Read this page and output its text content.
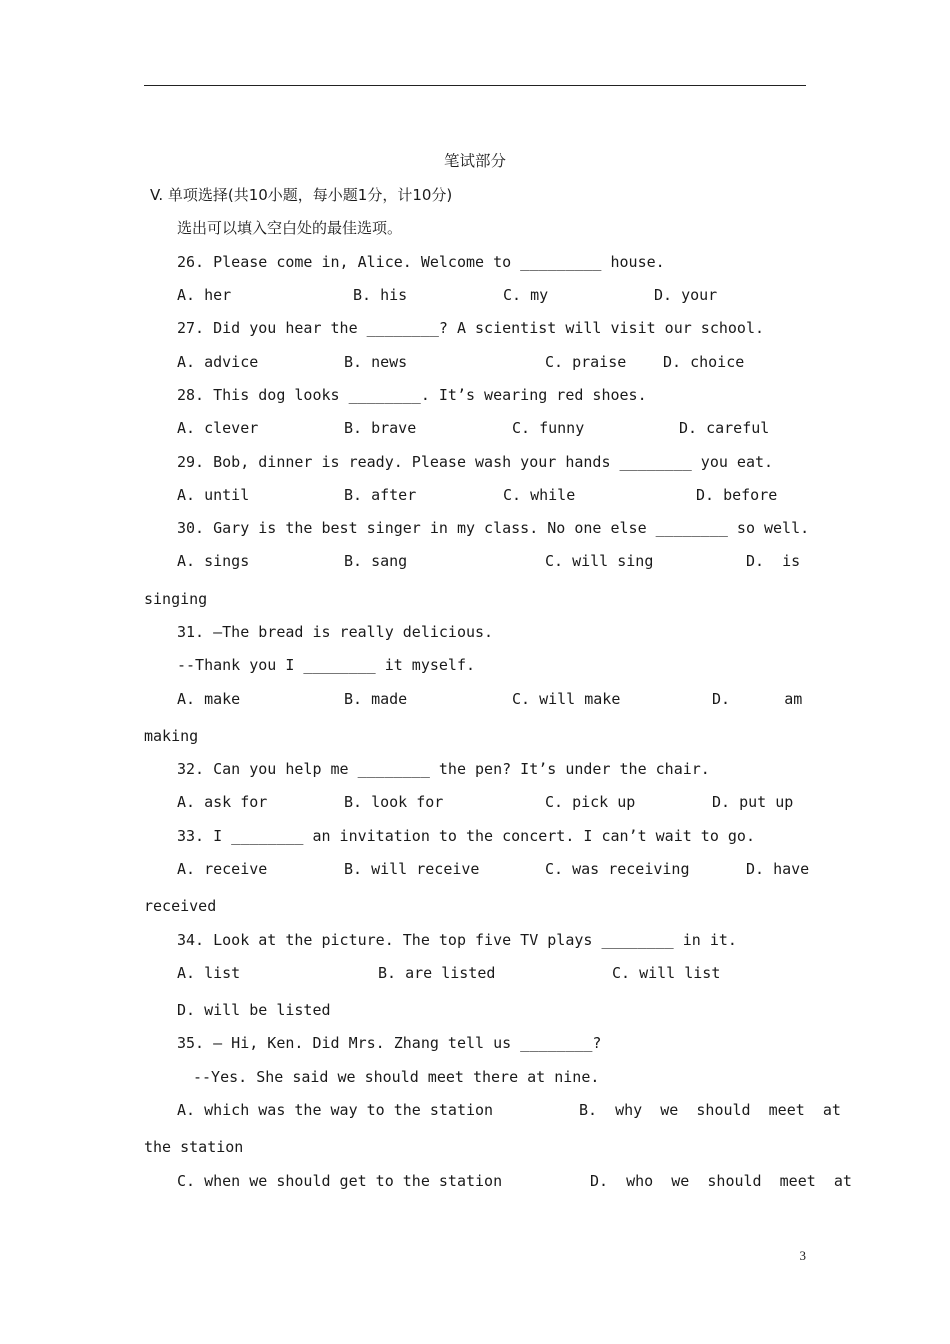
笔试部分
V. 单项选择(共10小题，每小题1分，计10分)
选出可以填入空白处的最佳选项。
26. Please come in, Alice. Welcome to _________ house.
A. her	B. his	C. my	D. your
27. Did you hear the ________? A scientist will visit our school.
A. advice	B. news	C. praise D. choice
28. This dog looks ________. It’s wearing red shoes.
A. clever	B. brave	C. funny	D. careful
29. Bob, dinner is ready. Please wash your hands ________ you eat.
A. until	B. after	C. while	D. before
30. Gary is the best singer in my class. No one else ________ so well.
A. sings	B. sang	C. will sing	D.  is
singing
31. –The bread is really delicious.
--Thank you I ________ it myself.
A. make	B. made	C. will make	D.      am
making
32. Can you help me ________ the pen? It’s under the chair.
A. ask for	B. look for	C. pick up	D. put up
33. I ________ an invitation to the concert. I can’t wait to go.
A. receive	B. will receive	C. was receiving	D. have
received
34. Look at the picture. The top five TV plays ________ in it.
A. list	B. are listed	C. will list
D. will be listed
35. – Hi, Ken. Did Mrs. Zhang tell us ________?
--Yes. She said we should meet there at nine.
A. which was the way to the station	B.  why  we  should  meet  at
the station
C. when we should get to the station	D.  who  we  should  meet  at
3
